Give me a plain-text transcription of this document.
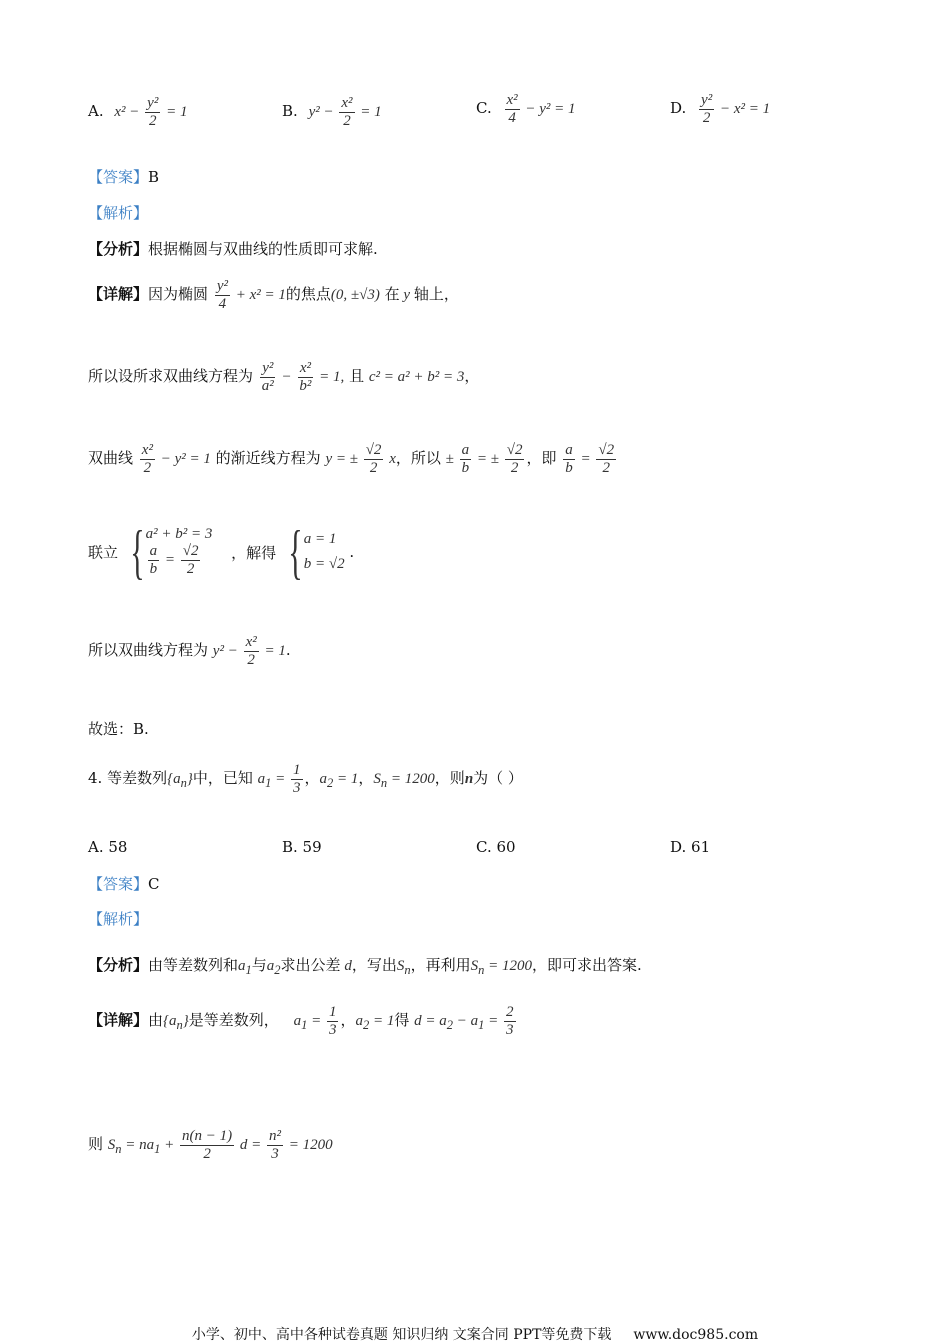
A. $x^2 - \frac{\text{y²}}{2} = 1$	B. $y^2 - \frac{\text{x²}}{2} = 1$	C. $\frac{\text{x²}}{4} - y^2 = 1$	D. $\frac{\text{y²}}{2} - x^2 = 1$
【答案】B
【解析】
【分析】根据椭圆与双曲线的性质即可求解.
【详解】因为椭圆 $\frac{\text{y²}}{4} + x^2 = 1$的焦点(0, ±√3) 在 y 轴上，
所以设所求双曲线方程为 $\frac{\text{y²}}{\text{a²}} - \frac{\text{x²}}{\text{b²}} = 1$, 且 c² = a² + b² = 3，
双曲线 $\frac{\text{x²}}{2} - y^2 = 1$ 的渐近线方程为 y = ± $\frac{√2}{2}$ x，所以 ± $\frac{a}{b}$ = ± $\frac{√2}{2}$ ，即 $\frac{a}{b} = \frac{√2}{2}$
联立 { a² + b² = 3
$\frac{a}{b} = \frac{√2}{2}$ ，解得 { a = 1
b = √2
.
所以双曲线方程为 $y^2 - \frac{\text{x²}}{2} = 1$.
故选：B.
4. 等差数列$\{a_n\}$中，已知 $a_1 = \frac{1}{3}$ ，$a_2 = 1$，$S_n = 1200$，则n为（ ）
A. 58	B. 59	C. 60	D. 61
【答案】C
【解析】
【分析】由等差数列和$a_1$与$a_2$求出公差 d，写出$S_n$，再利用$S_n = 1200$，即可求出答案.
【详解】由$\{a_n\}$是等差数列， $a_1 = \frac{1}{3}$ ，$a_2 = 1$得 $d = a_2 - a_1 = \frac{2}{3}$
则 $S_n = na_1 + \frac{n(n - 1)}{2}$ $d = \frac{\text{n²}}{3} = 1200$
小学、初中、高中各种试卷真题 知识归纳 文案合同 PPT等免费下载 www.doc985.com
